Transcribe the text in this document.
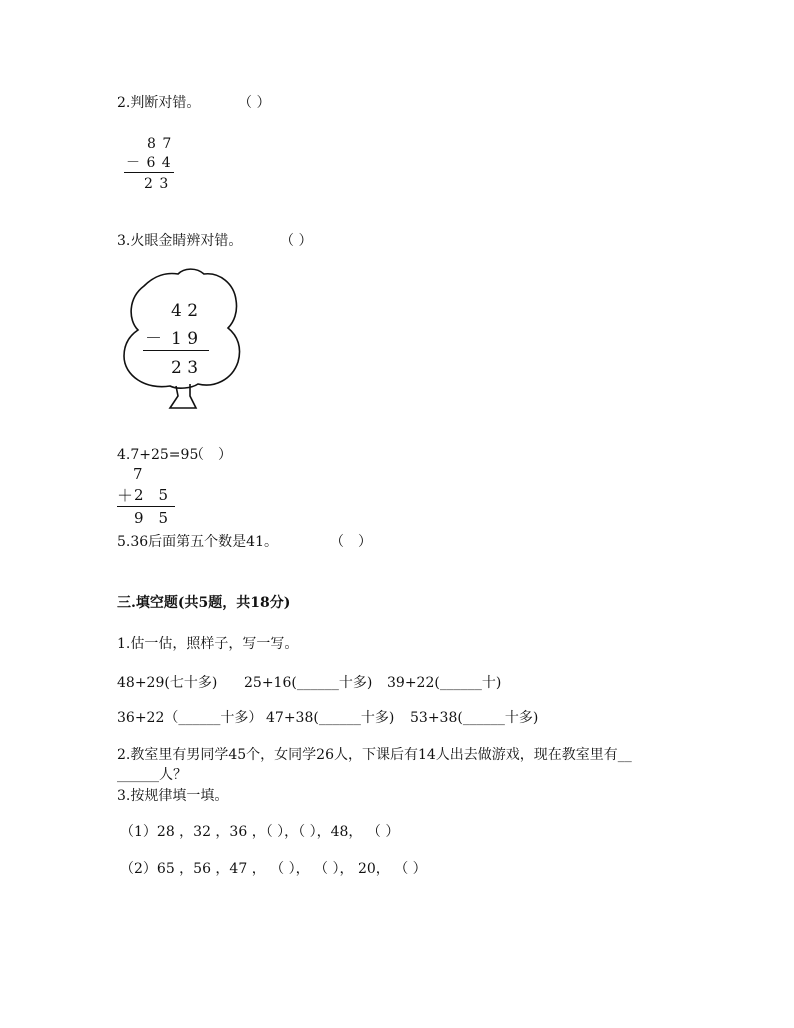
2.判断对错。	（ ）
8 7
－ 6 4
2 3
3.火眼金睛辨对错。	（ ）
4 2
－ 1 9
2 3
4.7+25=95
（　）
7
＋ 2　5
9　5
5.36后面第五个数是41。	（　）
三.填空题(共5题，共18分)
1.估一估，照样子，写一写。
48+29(七十多) 25+16(______十多) 39+22(______十)
36+22（______十多） 47+38(______十多) 53+38(______十多)
2.教室里有男同学45个，女同学26人，下课后有14人出去做游戏，现在教室里有__
______人？
3.按规律填一填。
（1）28 ，32 ，36 ，（ ），（ ），48， （ ）
（2）65 ，56 ，47 ， （ ）， （ ）， 20， （ ）
